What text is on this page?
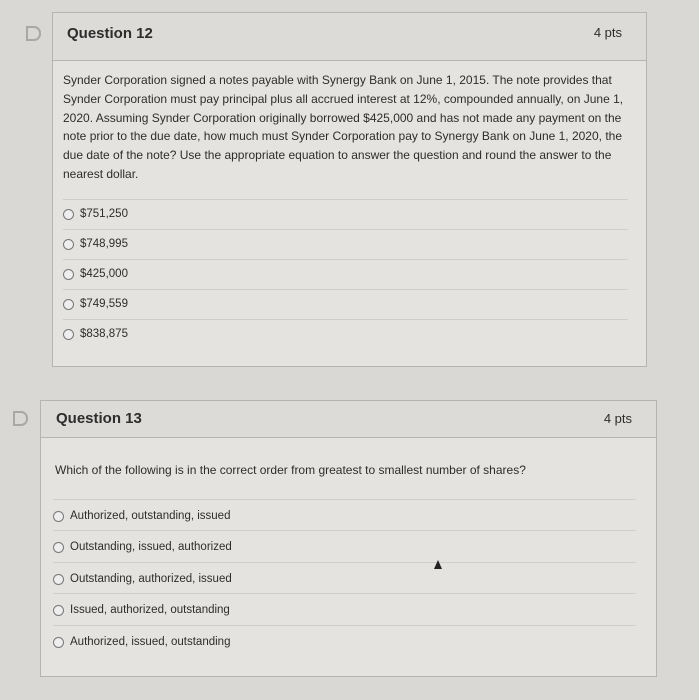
Question 12	4 pts
Synder Corporation signed a notes payable with Synergy Bank on June 1, 2015. The note provides that Synder Corporation must pay principal plus all accrued interest at 12%, compounded annually, on June 1, 2020. Assuming Synder Corporation originally borrowed $425,000 and has not made any payment on the note prior to the due date, how much must Synder Corporation pay to Synergy Bank on June 1, 2020, the due date of the note? Use the appropriate equation to answer the question and round the answer to the nearest dollar.
$751,250
$748,995
$425,000
$749,559
$838,875
Question 13	4 pts
Which of the following is in the correct order from greatest to smallest number of shares?
Authorized, outstanding, issued
Outstanding, issued, authorized
Outstanding, authorized, issued
Issued, authorized, outstanding
Authorized, issued, outstanding
